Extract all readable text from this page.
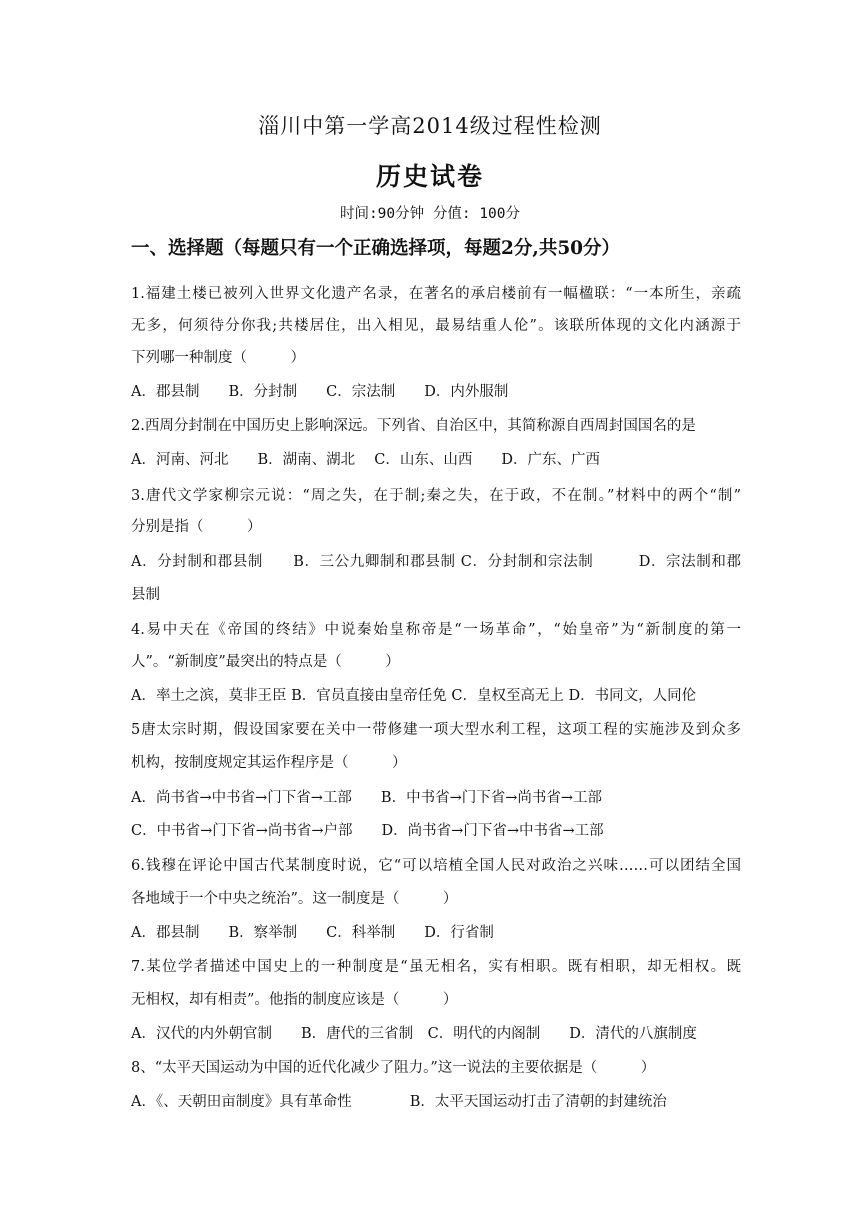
淄川中第一学高2014级过程性检测
历史试卷
时间:90分钟 分值: 100分
一、选择题（每题只有一个正确选择项，每题2分,共50分）
1.福建土楼已被列入世界文化遗产名录，在著名的承启楼前有一幅楹联：“一本所生，亲疏
无多，何须待分你我;共楼居住，出入相见，最易结重人伦”。该联所体现的文化内涵源于
下列哪一种制度（　　　）
A．郡县制　　B．分封制　　C．宗法制　　D．内外服制
2.西周分封制在中国历史上影响深远。下列省、自治区中，其简称源自西周封国国名的是
A．河南、河北　　B．湖南、湖北　 C．山东、山西　　D．广东、广西
3.唐代文学家柳宗元说：“周之失，在于制;秦之失，在于政，不在制。”材料中的两个“制”
分别是指（　　　）
A．分封制和郡县制　　B．三公九卿制和郡县制 C．分封制和宗法制　　　D．宗法制和郡
县制
4.易中天在《帝国的终结》中说秦始皇称帝是“一场革命”，“始皇帝”为“新制度的第一
人”。“新制度”最突出的特点是（　　　）
A．率土之滨，莫非王臣 B．官员直接由皇帝任免 C．皇权至高无上 D．书同文，人同伦
5唐太宗时期，假设国家要在关中一带修建一项大型水利工程，这项工程的实施涉及到众多
机构，按制度规定其运作程序是（　　　）
A．尚书省→中书省→门下省→工部　　B．中书省→门下省→尚书省→工部
C．中书省→门下省→尚书省→户部　　D．尚书省→门下省→中书省→工部
6.钱穆在评论中国古代某制度时说，它“可以培植全国人民对政治之兴味……可以团结全国
各地域于一个中央之统治”。这一制度是（　　　）
A．郡县制　　B．察举制　　C．科举制　　D．行省制
7.某位学者描述中国史上的一种制度是“虽无相名，实有相职。既有相职，却无相权。既
无相权，却有相责”。他指的制度应该是（　　　）
A．汉代的内外朝官制　　B．唐代的三省制　C．明代的内阁制　　D．清代的八旗制度
8、“太平天国运动为中国的近代化减少了阻力。”这一说法的主要依据是（　　　）
A．《、天朝田亩制度》具有革命性　　　　B．太平天国运动打击了清朝的封建统治
